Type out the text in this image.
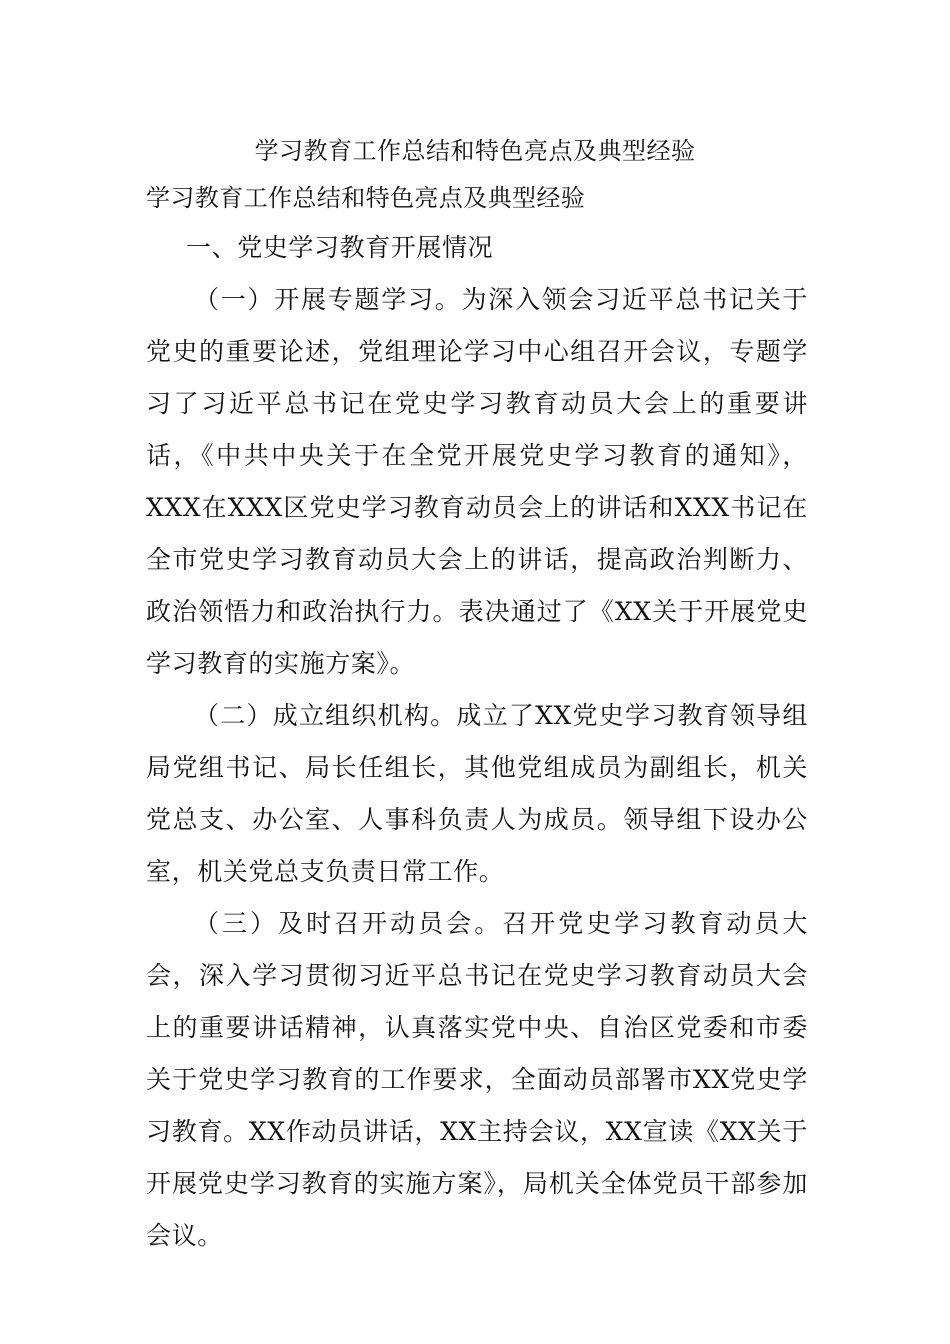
学习教育工作总结和特色亮点及典型经验

学习教育工作总结和特色亮点及典型经验

一、党史学习教育开展情况

（一）开展专题学习。为深入领会习近平总书记关于党史的重要论述，党组理论学习中心组召开会议，专题学习了习近平总书记在党史学习教育动员大会上的重要讲话，《中共中央关于在全党开展党史学习教育的通知》，XXX在XXX区党史学习教育动员会上的讲话和XXX书记在全市党史学习教育动员大会上的讲话，提高政治判断力、政治领悟力和政治执行力。表决通过了《XX关于开展党史学习教育的实施方案》。

（二）成立组织机构。成立了XX党史学习教育领导组局党组书记、局长任组长，其他党组成员为副组长，机关党总支、办公室、人事科负责人为成员。领导组下设办公室，机关党总支负责日常工作。

（三）及时召开动员会。召开党史学习教育动员大会，深入学习贯彻习近平总书记在党史学习教育动员大会上的重要讲话精神，认真落实党中央、自治区党委和市委关于党史学习教育的工作要求，全面动员部署市XX党史学习教育。XX作动员讲话，XX主持会议，XX宣读《XX关于开展党史学习教育的实施方案》，局机关全体党员干部参加会议。
